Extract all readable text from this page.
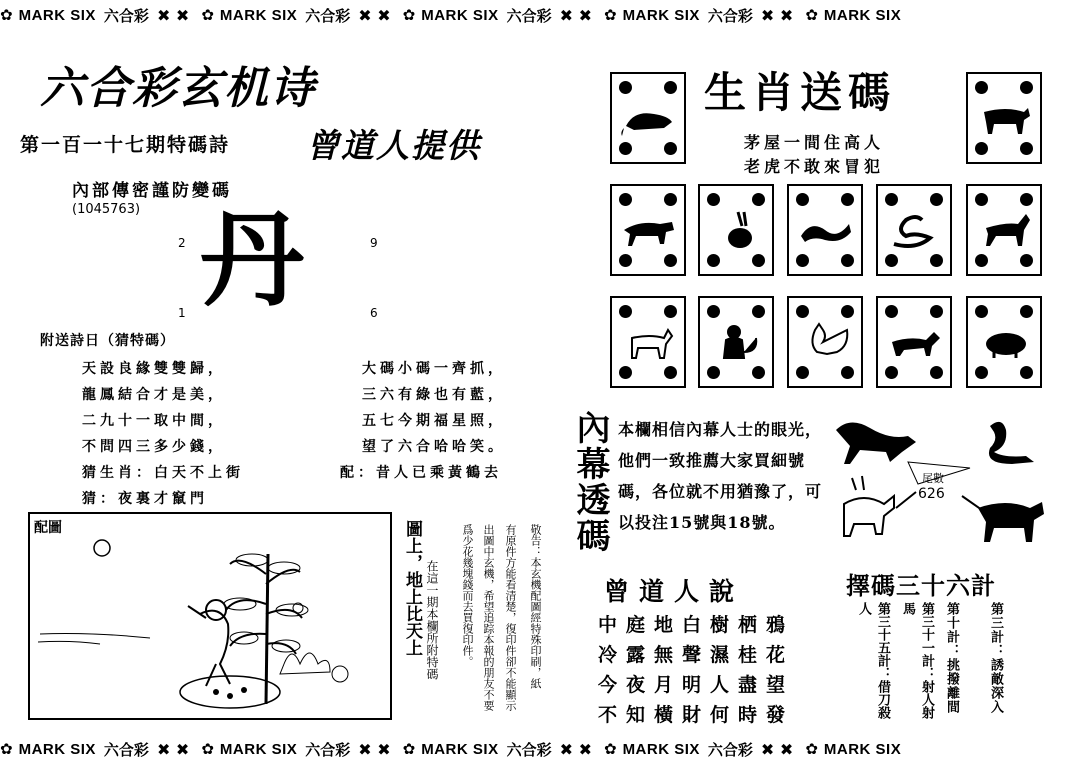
✿ MARK SIX 六合彩 ✖ ✖ ✿ MARK SIX 六合彩 ✖ ✖ ✿ MARK SIX 六合彩 ✖ ✖ ✿ MARK SIX 六合彩 ✖ ✖ ✿ MARK SIX
六合彩玄机诗
第一百一十七期特碼詩 曾道人提供
內部傳密謹防變碼
(1045763)
2	9
1	6
丹
附送詩日（猜特碼）
天設良緣雙雙歸，
龍鳳結合才是美，
二九十一取中間，
不問四三多少錢，
猜生肖：白天不上街
猜：夜裏才竄門
大碼小碼一齊抓，
三六有綠也有藍，
五七今期福星照，
望了六合哈哈笑。
配：昔人已乘黃鶴去
配圖	圖上，地上比天上 在這一期本欄所附特碼 爲少花幾塊錢而去買復印件。 出圖中玄機，希望追踪本報的朋友不要 有原件方能看清楚，復印件卻不能顯示 敬告：本玄機配圖經特殊印刷，紙
生肖送碼
茅屋一間住高人
老虎不敢來冒犯
內幕透碼 本欄相信內幕人士的眼光，他們一致推薦大家買細號碼，各位就不用猶豫了，可以投注15號與18號。
尾數
626
曾道人說
中庭地白樹栖鴉
冷露無聲濕桂花
今夜月明人盡望
不知橫財何時發
擇碼三十六計
第三計：誘敵深入
第十計：挑撥離間
第三十一計：射人射馬
第三十五計：借刀殺人
✿ MARK SIX 六合彩 ✖ ✖ ✿ MARK SIX 六合彩 ✖ ✖ ✿ MARK SIX 六合彩 ✖ ✖ ✿ MARK SIX 六合彩 ✖ ✖ ✿ MARK SIX
